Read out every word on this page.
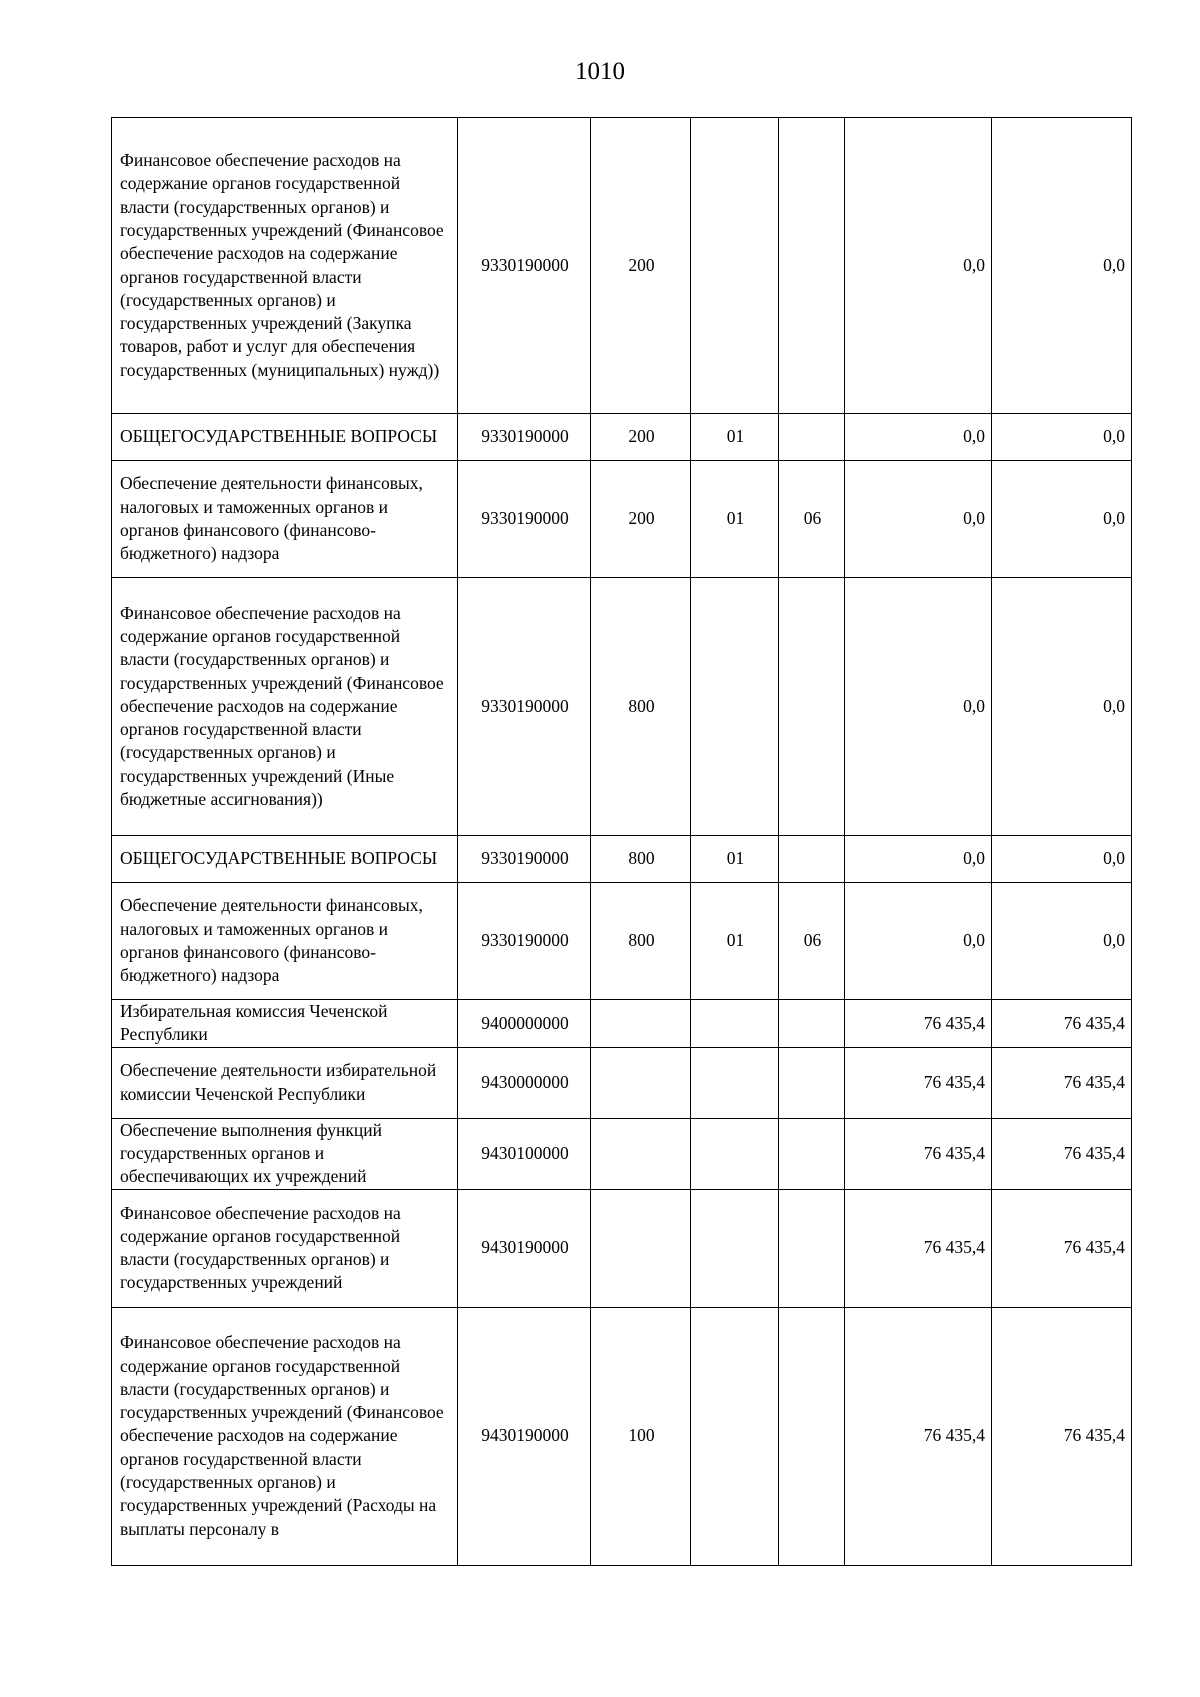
1010
Финансовое обеспечение расходов на содержание органов государственной власти (государственных органов) и государственных учреждений (Финансовое обеспечение расходов на содержание органов государственной власти (государственных органов) и государственных учреждений (Закупка товаров, работ и услуг для обеспечения государственных (муниципальных) нужд))	9330190000	200			0,0	0,0
ОБЩЕГОСУДАРСТВЕННЫЕ ВОПРОСЫ	9330190000	200	01		0,0	0,0
Обеспечение деятельности финансовых, налоговых и таможенных органов и органов финансового (финансово-бюджетного) надзора	9330190000	200	01	06	0,0	0,0
Финансовое обеспечение расходов на содержание органов государственной власти (государственных органов) и государственных учреждений (Финансовое обеспечение расходов на содержание органов государственной власти (государственных органов) и государственных учреждений (Иные бюджетные ассигнования))	9330190000	800			0,0	0,0
ОБЩЕГОСУДАРСТВЕННЫЕ ВОПРОСЫ	9330190000	800	01		0,0	0,0
Обеспечение деятельности финансовых, налоговых и таможенных органов и органов финансового (финансово-бюджетного) надзора	9330190000	800	01	06	0,0	0,0
Избирательная комиссия Чеченской Республики	9400000000				76 435,4	76 435,4
Обеспечение деятельности избирательной комиссии Чеченской Республики	9430000000				76 435,4	76 435,4
Обеспечение выполнения функций государственных органов и обеспечивающих их учреждений	9430100000				76 435,4	76 435,4
Финансовое обеспечение расходов на содержание органов государственной власти (государственных органов) и государственных учреждений	9430190000				76 435,4	76 435,4
Финансовое обеспечение расходов на содержание органов государственной власти (государственных органов) и государственных учреждений (Финансовое обеспечение расходов на содержание органов государственной власти (государственных органов) и государственных учреждений (Расходы на выплаты персоналу в	9430190000	100			76 435,4	76 435,4
